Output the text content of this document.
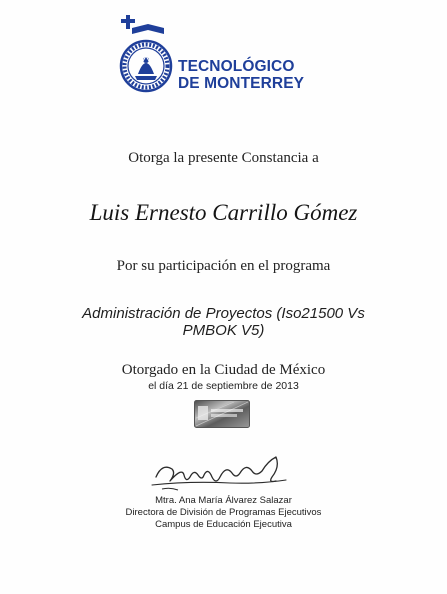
TECNOLÓGICO
DE MONTERREY
Otorga la presente Constancia a
Luis Ernesto Carrillo Gómez
Por su participación en el programa
Administración de Proyectos (Iso21500 Vs
PMBOK V5)
Otorgado en la Ciudad de México
el día 21 de septiembre de 2013
Mtra. Ana María Álvarez Salazar
Directora de División de Programas Ejecutivos
Campus de Educación Ejecutiva
